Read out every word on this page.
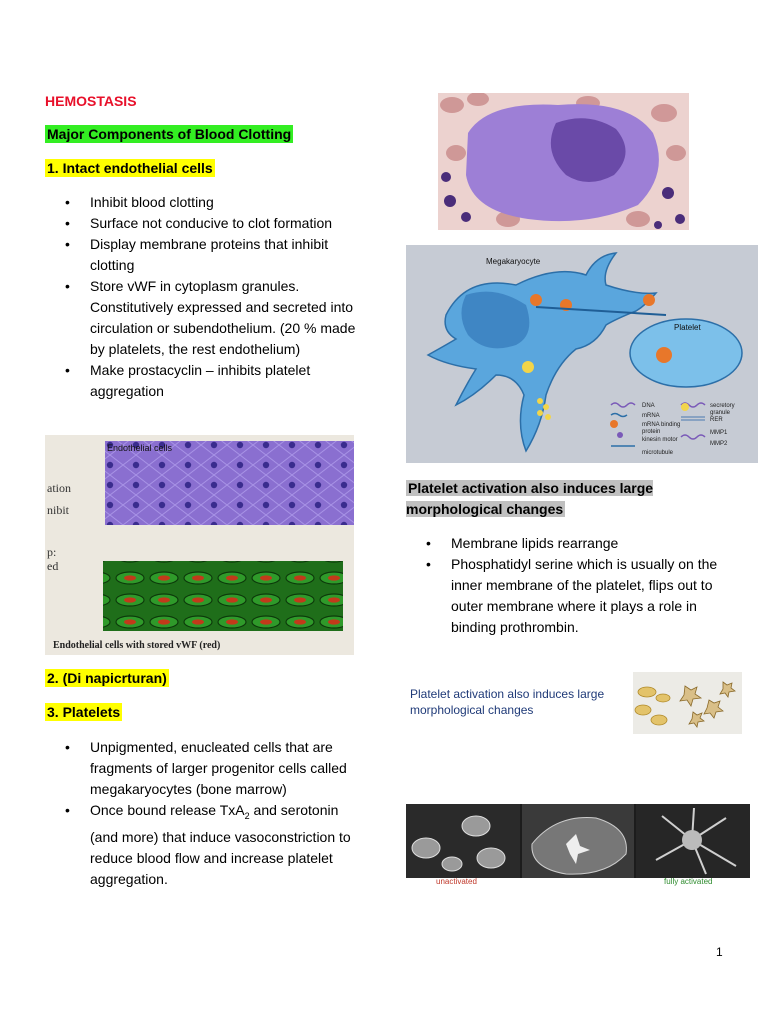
HEMOSTASIS
Major Components of Blood Clotting
1. Intact endothelial cells
• Inhibit blood clotting
• Surface not conducive to clot formation
• Display membrane proteins that inhibit clotting
• Store vWF in cytoplasm granules. Constitutively expressed and secreted into circulation or subendothelium. (20 % made by platelets, the rest endothelium)
• Make prostacyclin – inhibits platelet aggregation
ation
nibit
p:
ed
Endothelial cells
Endothelial cells with stored vWF (red)
2. (Di napicrturan)
3. Platelets
• Unpigmented, enucleated cells that are fragments of larger progenitor cells called megakaryocytes (bone marrow)
• Once bound release TxA$_2$ and serotonin (and more) that induce vasoconstriction to reduce blood flow and increase platelet aggregation.
Megakaryocyte
Platelet
DNA	secretory granule
mRNA
RER
mRNA binding protein	MMP1
kinesin motor
MMP2
microtubule
Platelet activation also induces large morphological changes
• Membrane lipids rearrange
• Phosphatidyl serine which is usually on the inner membrane of the platelet, flips out to outer membrane where it plays a role in binding prothrombin.
Platelet activation also induces large morphological changes
unactivated	fully activated
1
